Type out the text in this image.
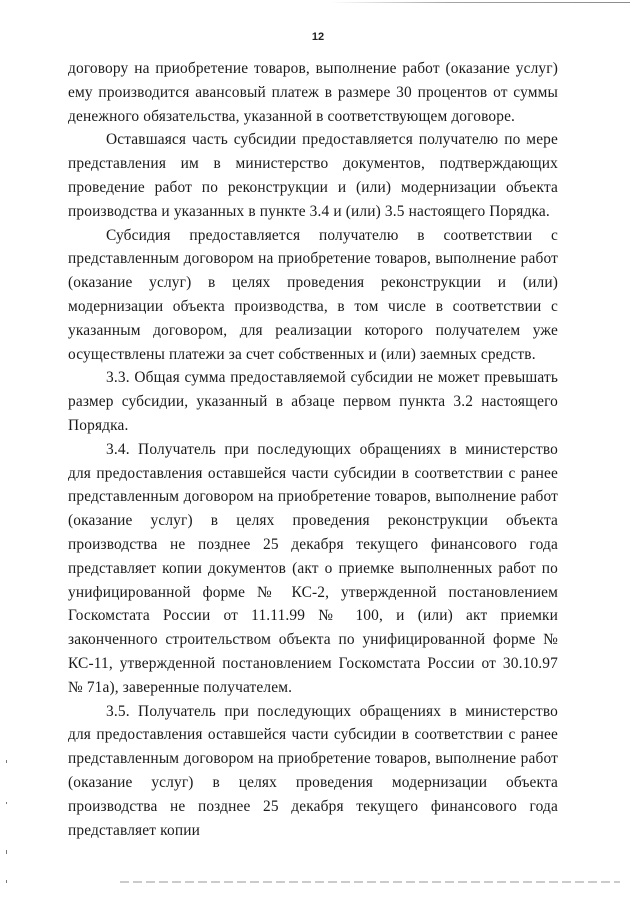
12

договору на приобретение товаров, выполнение работ (оказание услуг) ему производится авансовый платеж в размере 30 процентов от суммы денежного обязательства, указанной в соответствующем договоре.

Оставшаяся часть субсидии предоставляется получателю по мере представления им в министерство документов, подтверждающих проведение работ по реконструкции и (или) модернизации объекта производства и указанных в пункте 3.4 и (или) 3.5 настоящего Порядка.

Субсидия предоставляется получателю в соответствии с представленным договором на приобретение товаров, выполнение работ (оказание услуг) в целях проведения реконструкции и (или) модернизации объекта производства, в том числе в соответствии с указанным договором, для реализации которого получателем уже осуществлены платежи за счет собственных и (или) заемных средств.

3.3. Общая сумма предоставляемой субсидии не может превышать размер субсидии, указанный в абзаце первом пункта 3.2 настоящего Порядка.

3.4. Получатель при последующих обращениях в министерство для предоставления оставшейся части субсидии в соответствии с ранее представленным договором на приобретение товаров, выполнение работ (оказание услуг) в целях проведения реконструкции объекта производства не позднее 25 декабря текущего финансового года представляет копии документов (акт о приемке выполненных работ по унифицированной форме № КС-2, утвержденной постановлением Госкомстата России от 11.11.99 № 100, и (или) акт приемки законченного строительством объекта по унифицированной форме № КС-11, утвержденной постановлением Госкомстата России от 30.10.97 № 71а), заверенные получателем.

3.5. Получатель при последующих обращениях в министерство для предоставления оставшейся части субсидии в соответствии с ранее представленным договором на приобретение товаров, выполнение работ (оказание услуг) в целях проведения модернизации объекта производства не позднее 25 декабря текущего финансового года представляет копии
